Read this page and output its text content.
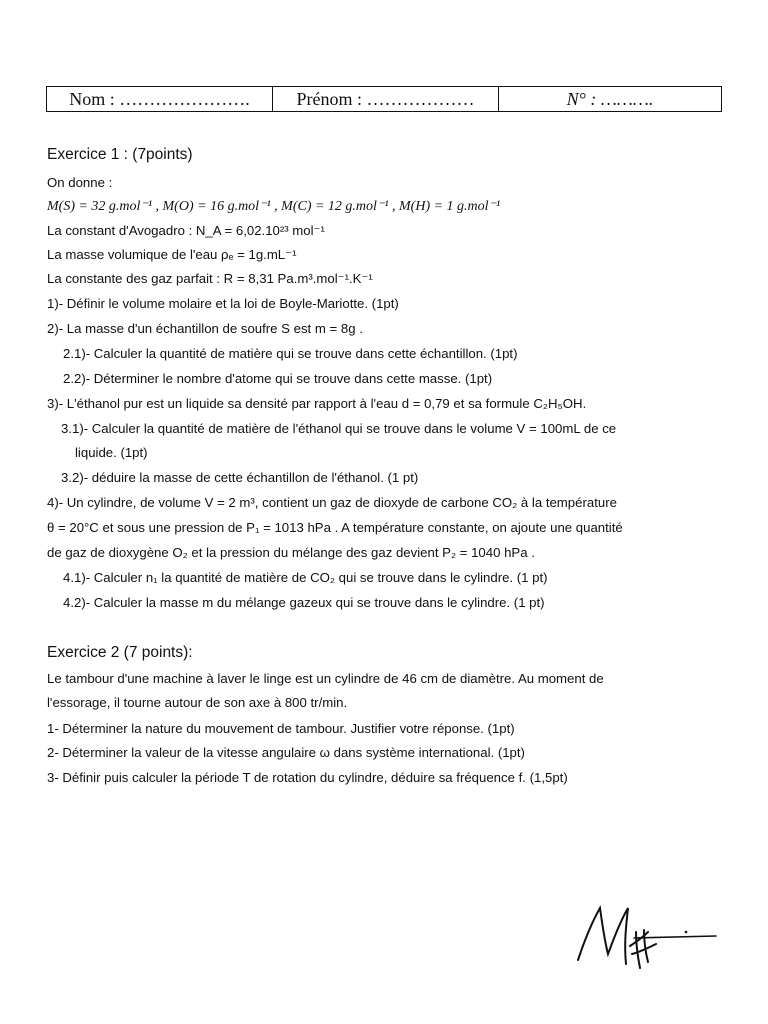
Nom : ………………….	Prénom : ………………	N° : ……….
Exercice 1 : (7points)
On donne :
M(S) = 32 g.mol⁻¹ , M(O) = 16 g.mol⁻¹ , M(C) = 12 g.mol⁻¹ , M(H) = 1 g.mol⁻¹
La constant d'Avogadro : N_A = 6,02.10²³ mol⁻¹
La masse volumique de l'eau ρₑ = 1g.mL⁻¹
La constante des gaz parfait : R = 8,31 Pa.m³.mol⁻¹.K⁻¹
1)- Définir le volume molaire et la loi de Boyle-Mariotte. (1pt)
2)- La masse d'un échantillon de soufre S est m = 8g .
2.1)- Calculer la quantité de matière qui se trouve dans cette échantillon. (1pt)
2.2)- Déterminer le nombre d'atome qui se trouve dans cette masse. (1pt)
3)- L'éthanol pur est un liquide sa densité par rapport à l'eau d = 0,79 et sa formule C₂H₅OH.
3.1)- Calculer la quantité de matière de l'éthanol qui se trouve dans le volume V = 100mL de ce
liquide. (1pt)
3.2)- déduire la masse de cette échantillon de l'éthanol. (1 pt)
4)- Un cylindre, de volume V = 2 m³, contient un gaz de dioxyde de carbone CO₂ à la température
θ = 20°C et sous une pression de P₁ = 1013 hPa . A température constante, on ajoute une quantité
de gaz de dioxygène O₂ et la pression du mélange des gaz devient P₂ = 1040 hPa .
4.1)- Calculer n₁ la quantité de matière de CO₂ qui se trouve dans le cylindre. (1 pt)
4.2)- Calculer la masse m du mélange gazeux qui se trouve dans le cylindre. (1 pt)
Exercice 2 (7 points):
Le tambour d'une machine à laver le linge est un cylindre de 46 cm de diamètre. Au moment de
l'essorage, il tourne autour de son axe à 800 tr/min.
1- Déterminer la nature du mouvement de tambour. Justifier votre réponse. (1pt)
2- Déterminer la valeur de la vitesse angulaire ω dans système international. (1pt)
3- Définir puis calculer la période T de rotation du cylindre, déduire sa fréquence f. (1,5pt)
